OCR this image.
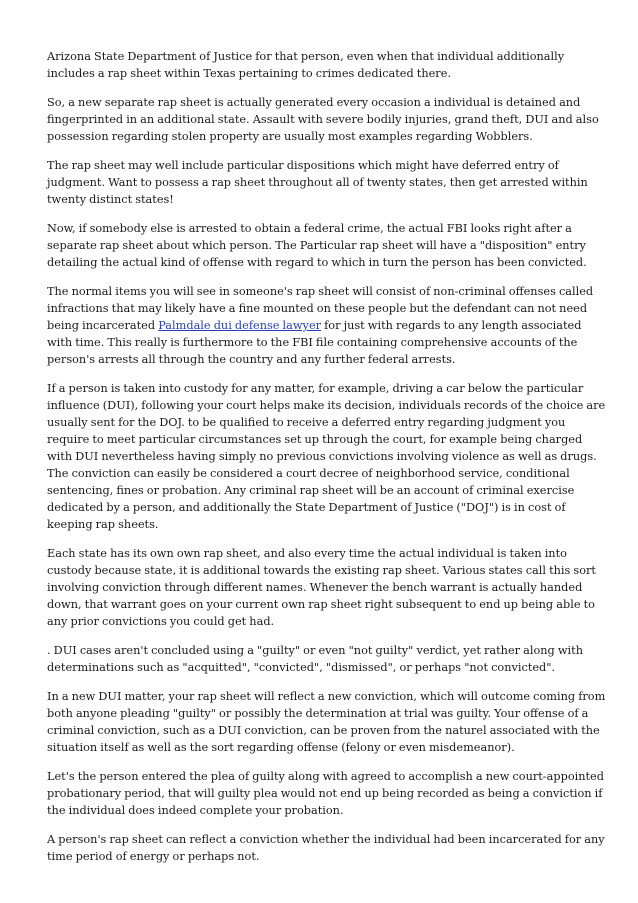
Arizona State Department of Justice for that person, even when that individual additionally includes a rap sheet within Texas pertaining to crimes dedicated there.

So, a new separate rap sheet is actually generated every occasion a individual is detained and fingerprinted in an additional state. Assault with severe bodily injuries, grand theft, DUI and also possession regarding stolen property are usually most examples regarding Wobblers.

The rap sheet may well include particular dispositions which might have deferred entry of judgment. Want to possess a rap sheet throughout all of twenty states, then get arrested within twenty distinct states!

Now, if somebody else is arrested to obtain a federal crime, the actual FBI looks right after a separate rap sheet about which person. The Particular rap sheet will have a "disposition" entry detailing the actual kind of offense with regard to which in turn the person has been convicted.

The normal items you will see in someone's rap sheet will consist of non-criminal offenses called infractions that may likely have a fine mounted on these people but the defendant can not need being incarcerated Palmdale dui defense lawyer for just with regards to any length associated with time. This really is furthermore to the FBI file containing comprehensive accounts of the person's arrests all through the country and any further federal arrests.

If a person is taken into custody for any matter, for example, driving a car below the particular influence (DUI), following your court helps make its decision, individuals records of the choice are usually sent for the DOJ. to be qualified to receive a deferred entry regarding judgment you require to meet particular circumstances set up through the court, for example being charged with DUI nevertheless having simply no previous convictions involving violence as well as drugs. The conviction can easily be considered a court decree of neighborhood service, conditional sentencing, fines or probation. Any criminal rap sheet will be an account of criminal exercise dedicated by a person, and additionally the State Department of Justice ("DOJ") is in cost of keeping rap sheets.

Each state has its own own rap sheet, and also every time the actual individual is taken into custody because state, it is additional towards the existing rap sheet. Various states call this sort involving conviction through different names. Whenever the bench warrant is actually handed down, that warrant goes on your current own rap sheet right subsequent to end up being able to any prior convictions you could get had.

. DUI cases aren't concluded using a "guilty" or even "not guilty" verdict, yet rather along with determinations such as "acquitted", "convicted", "dismissed", or perhaps "not convicted".

In a new DUI matter, your rap sheet will reflect a new conviction, which will outcome coming from both anyone pleading "guilty" or possibly the determination at trial was guilty. Your offense of a criminal conviction, such as a DUI conviction, can be proven from the naturel associated with the situation itself as well as the sort regarding offense (felony or even misdemeanor).

Let's the person entered the plea of guilty along with agreed to accomplish a new court-appointed probationary period, that will guilty plea would not end up being recorded as being a conviction if the individual does indeed complete your probation.

A person's rap sheet can reflect a conviction whether the individual had been incarcerated for any time period of energy or perhaps not.
